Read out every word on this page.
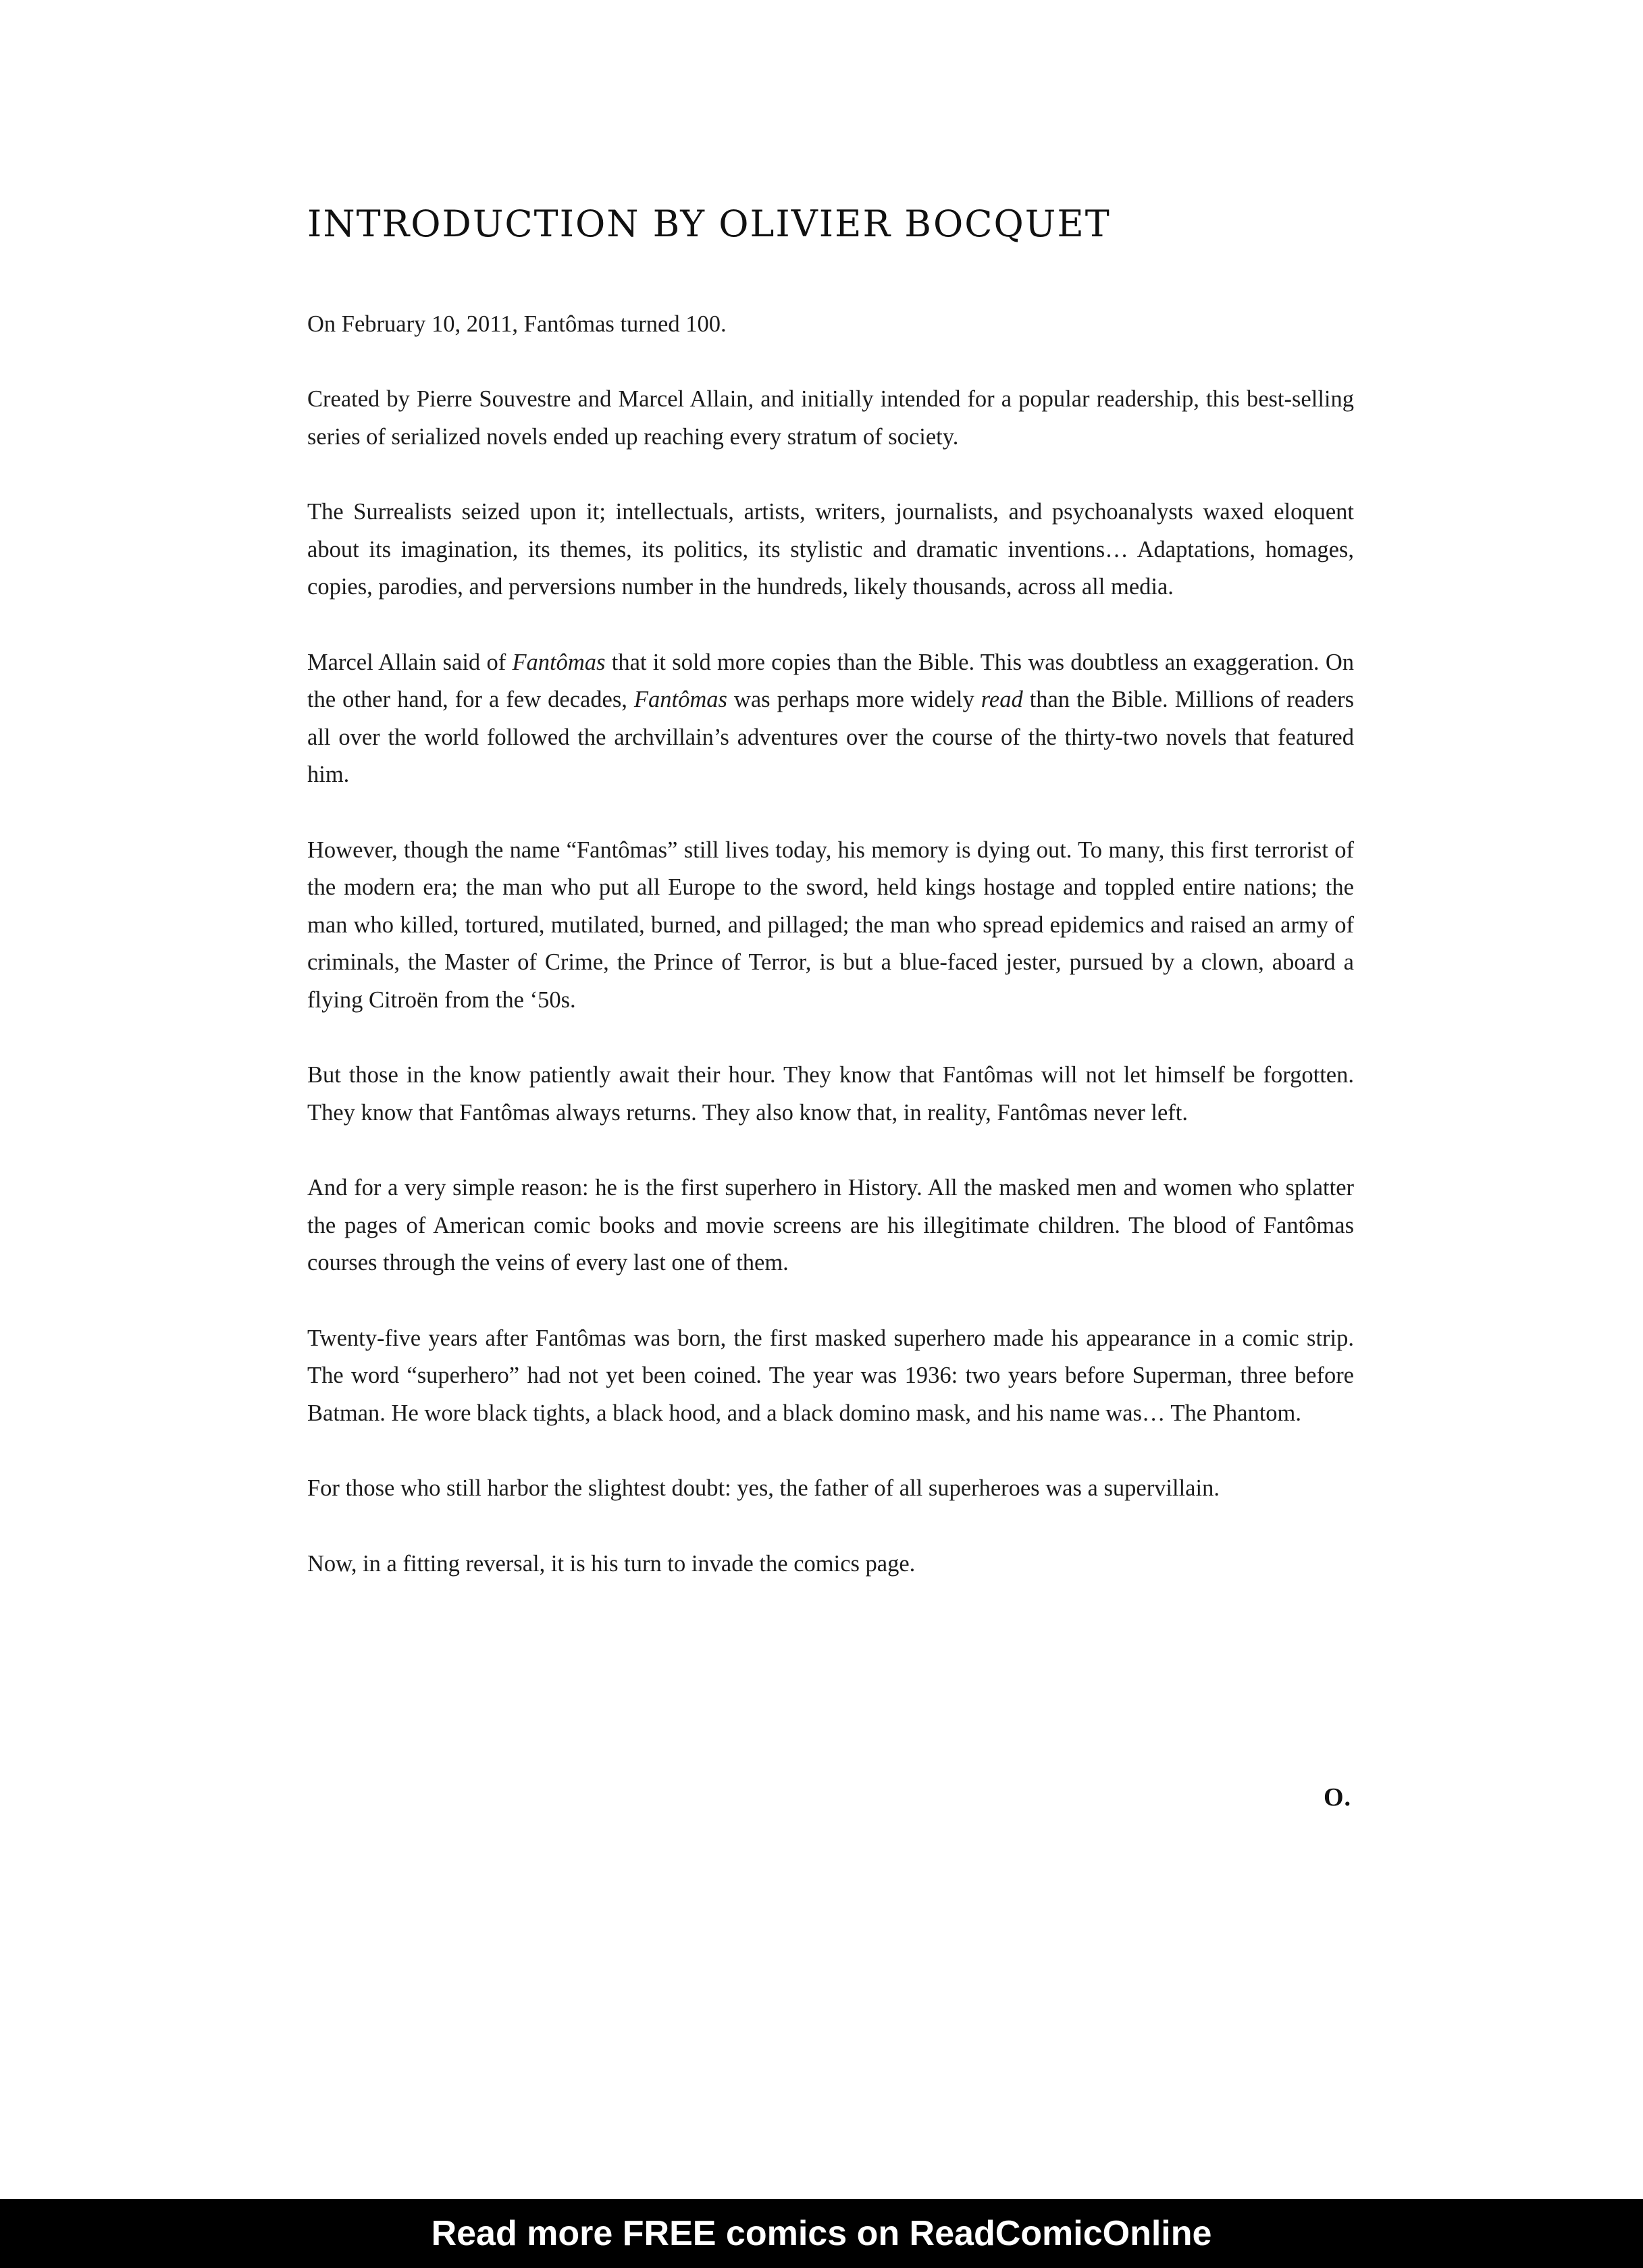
INTRODUCTION BY OLIVIER BOCQUET

On February 10, 2011, Fantômas turned 100.

Created by Pierre Souvestre and Marcel Allain, and initially intended for a popular readership, this best-selling series of serialized novels ended up reaching every stratum of society.

The Surrealists seized upon it; intellectuals, artists, writers, journalists, and psychoanalysts waxed eloquent about its imagination, its themes, its politics, its stylistic and dramatic inventions… Adaptations, homages, copies, parodies, and perversions number in the hundreds, likely thousands, across all media.

Marcel Allain said of Fantômas that it sold more copies than the Bible. This was doubtless an exaggeration. On the other hand, for a few decades, Fantômas was perhaps more widely read than the Bible. Millions of readers all over the world followed the archvillain’s adventures over the course of the thirty-two novels that featured him.

However, though the name “Fantômas” still lives today, his memory is dying out. To many, this first terrorist of the modern era; the man who put all Europe to the sword, held kings hostage and toppled entire nations; the man who killed, tortured, mutilated, burned, and pillaged; the man who spread epidemics and raised an army of criminals, the Master of Crime, the Prince of Terror, is but a blue-faced jester, pursued by a clown, aboard a flying Citroën from the ‘50s.

But those in the know patiently await their hour. They know that Fantômas will not let himself be forgotten. They know that Fantômas always returns. They also know that, in reality, Fantômas never left.

And for a very simple reason: he is the first superhero in History. All the masked men and women who splatter the pages of American comic books and movie screens are his illegitimate children. The blood of Fantômas courses through the veins of every last one of them.

Twenty-five years after Fantômas was born, the first masked superhero made his appearance in a comic strip. The word “superhero” had not yet been coined. The year was 1936: two years before Superman, three before Batman. He wore black tights, a black hood, and a black domino mask, and his name was… The Phantom.

For those who still harbor the slightest doubt: yes, the father of all superheroes was a supervillain.

Now, in a fitting reversal, it is his turn to invade the comics page.

O.
Read more FREE comics on ReadComicOnline
